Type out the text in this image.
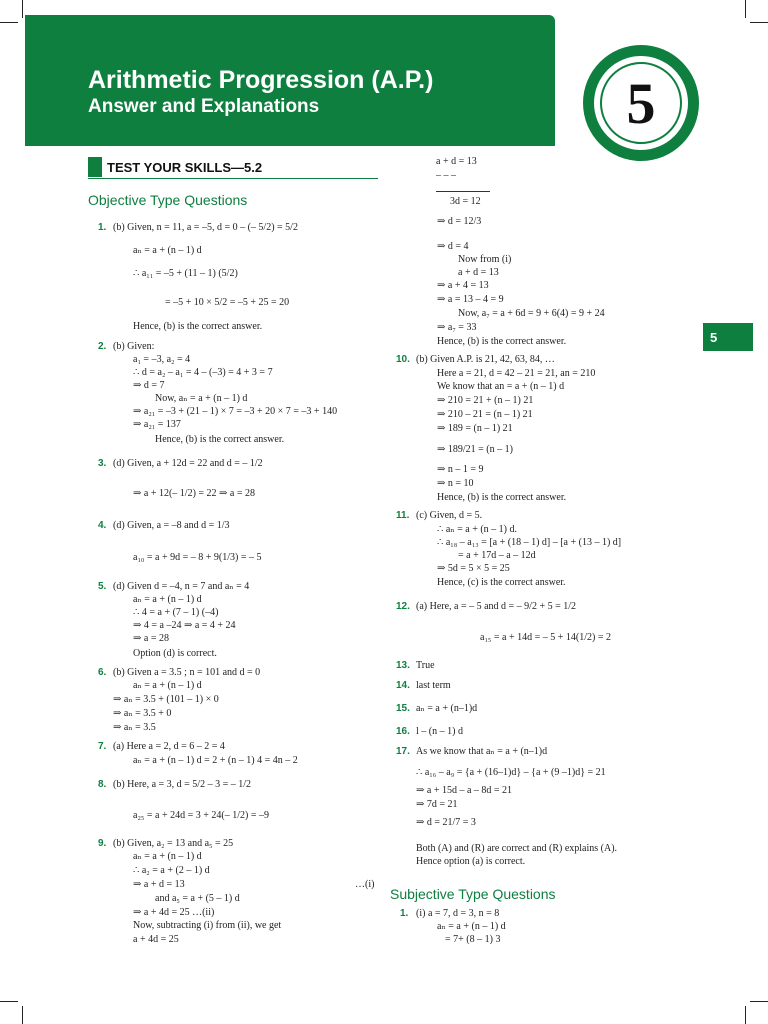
Arithmetic Progression (A.P.)
Answer and Explanations	5
5
TEST YOUR SKILLS—5.2
Objective Type Questions
Subjective Type Questions
1. (b) Given, n = 11, a = –5, d = 0 – (– 5/2) = 5/2
aₙ = a + (n – 1) d
∴ a₁₁ = –5 + (11 – 1) (5/2)
= –5 + 10 × 5/2 = –5 + 25 = 20
Hence, (b) is the correct answer.
2. (b) Given:
a₁ = –3, a₂ = 4
∴ d = a₂ – a₁ = 4 – (–3) = 4 + 3 = 7
⇒ d = 7
Now, aₙ = a + (n – 1) d
⇒ a₂₁ = –3 + (21 – 1) × 7 = –3 + 20 × 7 = –3 + 140
⇒ a₂₁ = 137
Hence, (b) is the correct answer.
3. (d) Given, a + 12d = 22 and d = – 1/2
⇒ a + 12(– 1/2) = 22 ⇒ a = 28
4. (d) Given, a = –8 and d = 1/3
a₁₀ = a + 9d = – 8 + 9(1/3) = – 5
5. (d) Given d = –4, n = 7 and aₙ = 4
aₙ = a + (n – 1) d
∴ 4 = a + (7 – 1) (–4)
⇒ 4 = a –24 ⇒ a = 4 + 24
⇒ a = 28
Option (d) is correct.
6. (b) Given a = 3.5 ; n = 101 and d = 0
aₙ = a + (n – 1) d
⇒ aₙ = 3.5 + (101 – 1) × 0
⇒ aₙ = 3.5 + 0
⇒ aₙ = 3.5
7. (a) Here a = 2, d = 6 – 2 = 4
aₙ = a + (n – 1) d = 2 + (n – 1) 4 = 4n – 2
8. (b) Here, a = 3, d = 5/2 – 3 = – 1/2
a₂₅ = a + 24d = 3 + 24(– 1/2) = –9
9. (b) Given, a₂ = 13 and a₅ = 25
aₙ = a + (n – 1) d
∴ a₂ = a + (2 – 1) d
⇒ a + d = 13
and a₅ = a + (5 – 1) d
⇒ a + 4d = 25 …(ii)
Now, subtracting (i) from (ii), we get
a + 4d = 25
…(i)
a + d = 13
– – –
3d = 12
⇒ d = 12/3
⇒ d = 4
Now from (i)
a + d = 13
⇒ a + 4 = 13
⇒ a = 13 – 4 = 9
Now, a₇ = a + 6d = 9 + 6(4) = 9 + 24
⇒ a₇ = 33
Hence, (b) is the correct answer.
10. (b) Given A.P. is 21, 42, 63, 84, …
Here a = 21, d = 42 – 21 = 21, an = 210
We know that an = a + (n – 1) d
⇒ 210 = 21 + (n – 1) 21
⇒ 210 – 21 = (n – 1) 21
⇒ 189 = (n – 1) 21
⇒ 189/21 = (n – 1)
⇒ n – 1 = 9
⇒ n = 10
Hence, (b) is the correct answer.
11. (c) Given, d = 5.
∴ aₙ = a + (n – 1) d.
∴ a₁₈ – a₁₃ = [a + (18 – 1) d] – [a + (13 – 1) d]
= a + 17d – a – 12d
⇒ 5d = 5 × 5 = 25
Hence, (c) is the correct answer.
12. (a) Here, a = – 5 and d = – 9/2 + 5 = 1/2
a₁₅ = a + 14d = – 5 + 14(1/2) = 2
13. True
14. last term
15. aₙ = a + (n–1)d
16. l – (n – 1) d
17. As we know that aₙ = a + (n–1)d
∴ a₁₆ – a₉ = {a + (16–1)d} – {a + (9 –1)d} = 21
⇒ a + 15d – a – 8d = 21
⇒ 7d = 21
⇒ d = 21/7 = 3
Both (A) and (R) are correct and (R) explains (A).
Hence option (a) is correct.
1. (i) a = 7, d = 3, n = 8
aₙ = a + (n – 1) d
= 7+ (8 – 1) 3
